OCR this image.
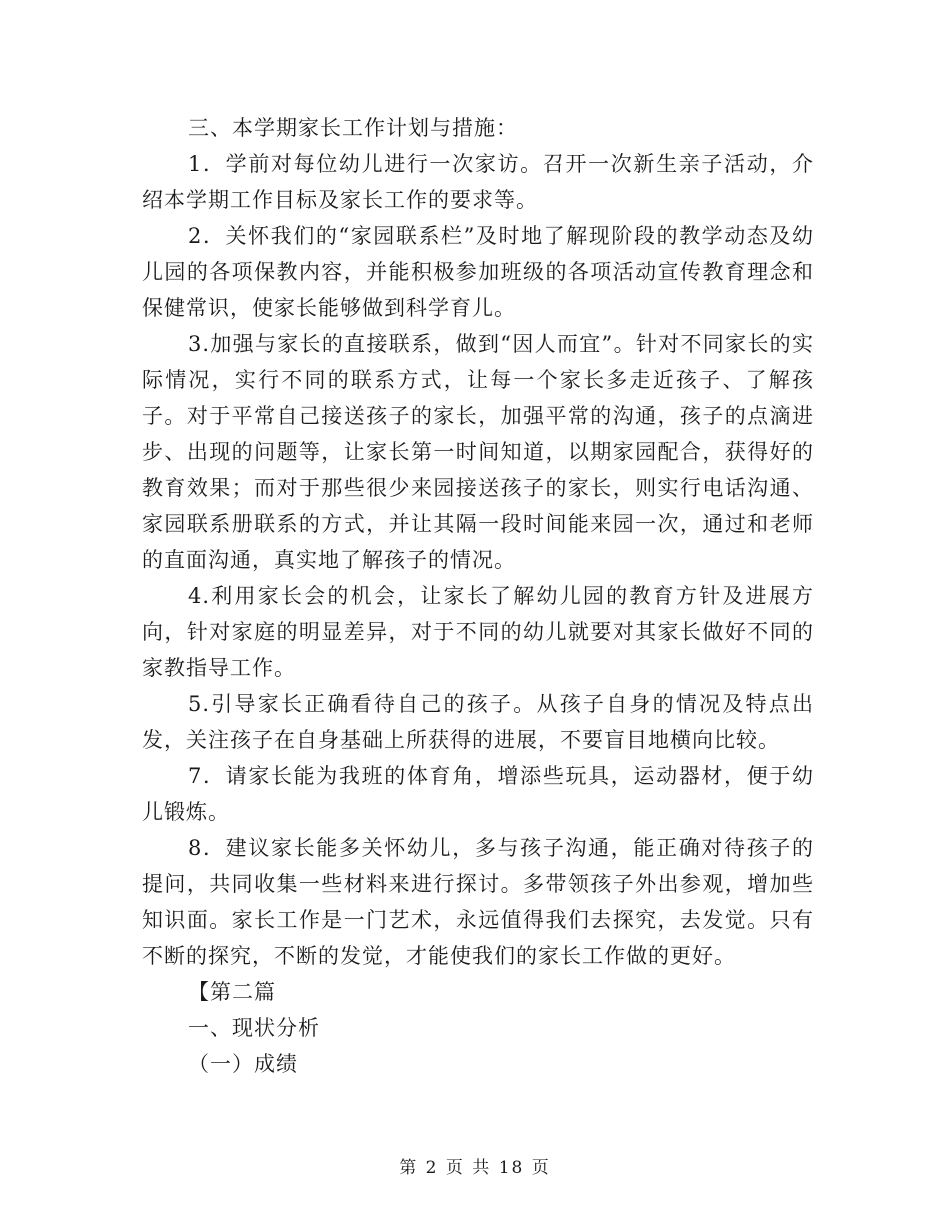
三、本学期家长工作计划与措施：

1．学前对每位幼儿进行一次家访。召开一次新生亲子活动，介绍本学期工作目标及家长工作的要求等。

2．关怀我们的“家园联系栏”及时地了解现阶段的教学动态及幼儿园的各项保教内容，并能积极参加班级的各项活动宣传教育理念和保健常识，使家长能够做到科学育儿。

3.加强与家长的直接联系，做到“因人而宜”。针对不同家长的实际情况，实行不同的联系方式，让每一个家长多走近孩子、了解孩子。对于平常自己接送孩子的家长，加强平常的沟通，孩子的点滴进步、出现的问题等，让家长第一时间知道，以期家园配合，获得好的教育效果；而对于那些很少来园接送孩子的家长，则实行电话沟通、家园联系册联系的方式，并让其隔一段时间能来园一次，通过和老师的直面沟通，真实地了解孩子的情况。

4.利用家长会的机会，让家长了解幼儿园的教育方针及进展方向，针对家庭的明显差异，对于不同的幼儿就要对其家长做好不同的家教指导工作。

5.引导家长正确看待自己的孩子。从孩子自身的情况及特点出发，关注孩子在自身基础上所获得的进展，不要盲目地横向比较。

7．请家长能为我班的体育角，增添些玩具，运动器材，便于幼儿锻炼。

8．建议家长能多关怀幼儿，多与孩子沟通，能正确对待孩子的提问，共同收集一些材料来进行探讨。多带领孩子外出参观，增加些知识面。家长工作是一门艺术，永远值得我们去探究，去发觉。只有不断的探究，不断的发觉，才能使我们的家长工作做的更好。

【第二篇

一、现状分析

（一）成绩

第 2 页 共 18 页
